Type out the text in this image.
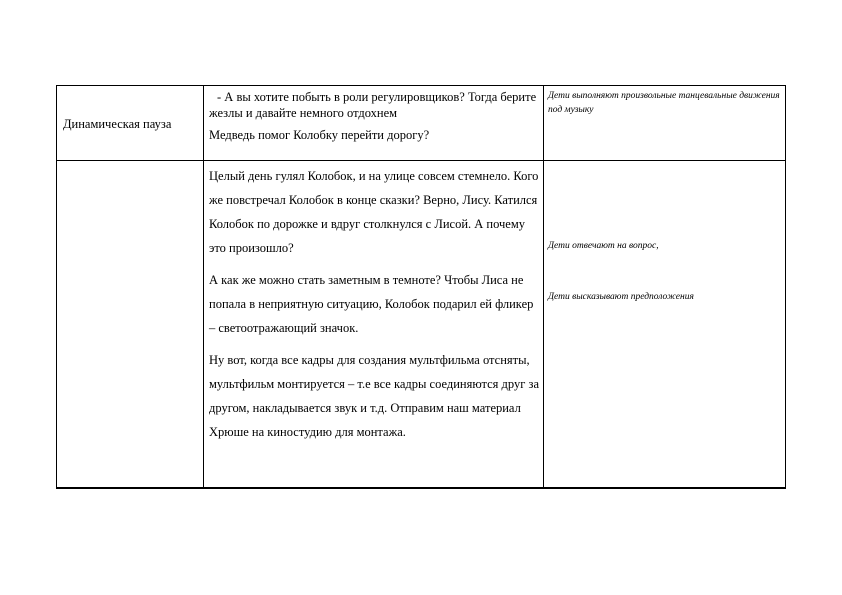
Динамическая пауза

- А вы хотите побыть в роли регулировщиков? Тогда берите жезлы и давайте немного отдохнем

Медведь помог Колобку перейти дорогу?

Дети выполняют произвольные танцевальные движения под музыку

Целый день гулял Колобок, и на улице совсем стемнело. Кого же повстречал Колобок в конце сказки? Верно, Лису. Катился Колобок по дорожке и вдруг столкнулся с Лисой. А почему это произошло?

А как же можно стать заметным в темноте? Чтобы Лиса не попала в неприятную ситуацию, Колобок подарил ей фликер – светоотражающий значок.

Ну вот, когда все кадры для создания мультфильма отсняты, мультфильм монтируется – т.е все кадры соединяются друг за другом, накладывается звук и т.д. Отправим наш материал Хрюше на киностудию для монтажа.

Дети отвечают на вопрос,
Дети высказывают предположения
